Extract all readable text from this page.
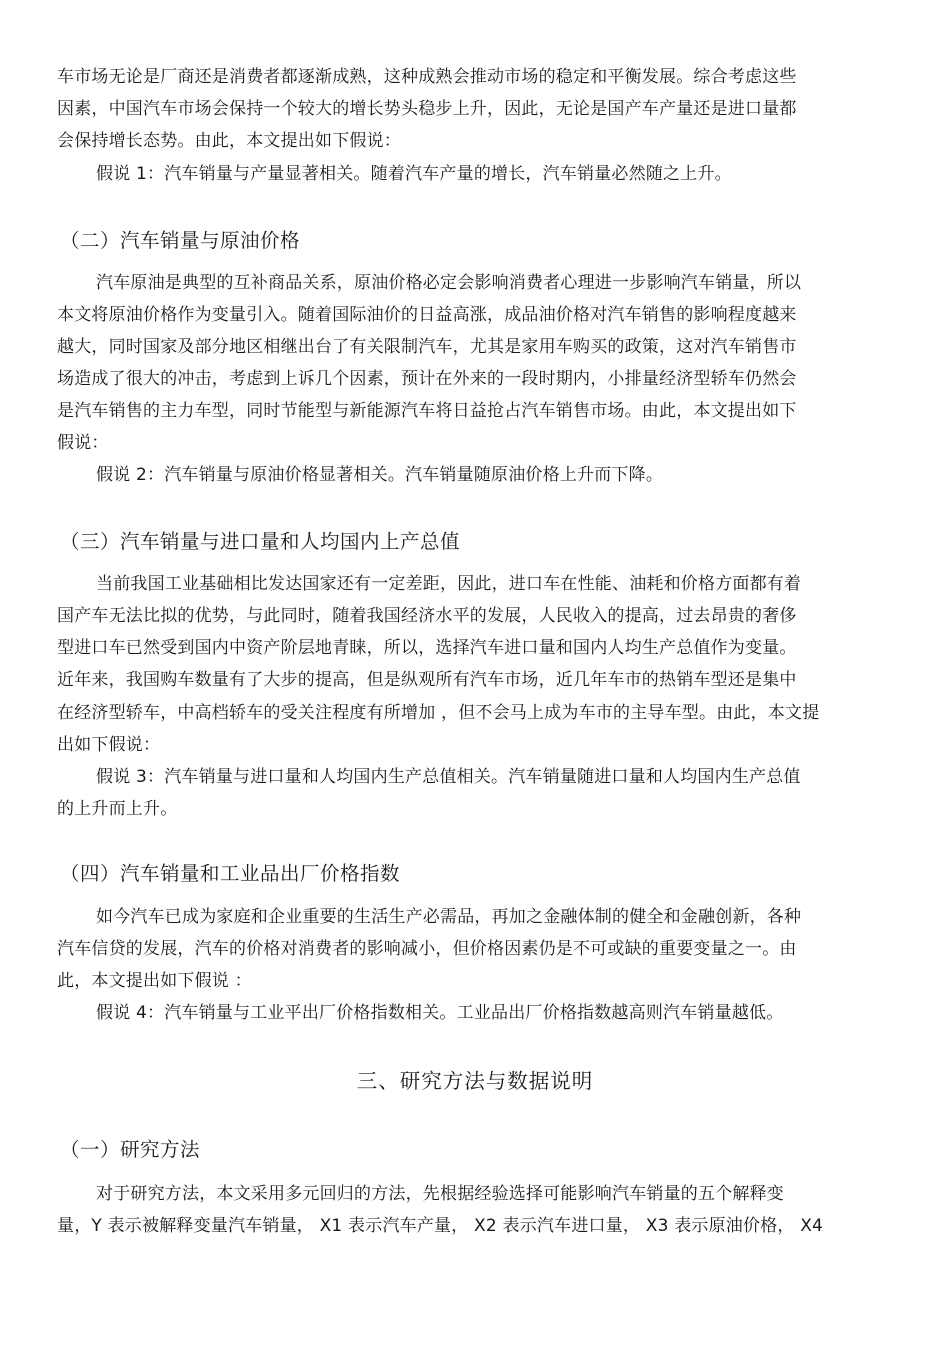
车市场无论是厂商还是消费者都逐渐成熟，这种成熟会推动市场的稳定和平衡发展。综合考虑这些
因素，中国汽车市场会保持一个较大的增长势头稳步上升，因此，无论是国产车产量还是进口量都
会保持增长态势。由此，本文提出如下假说：
假说 1：汽车销量与产量显著相关。随着汽车产量的增长，汽车销量必然随之上升。
（二）汽车销量与原油价格
汽车原油是典型的互补商品关系，原油价格必定会影响消费者心理进一步影响汽车销量，所以
本文将原油价格作为变量引入。随着国际油价的日益高涨，成品油价格对汽车销售的影响程度越来
越大，同时国家及部分地区相继出台了有关限制汽车，尤其是家用车购买的政策，这对汽车销售市
场造成了很大的冲击，考虑到上诉几个因素，预计在外来的一段时期内，小排量经济型轿车仍然会
是汽车销售的主力车型，同时节能型与新能源汽车将日益抢占汽车销售市场。由此，本文提出如下
假说：
假说 2：汽车销量与原油价格显著相关。汽车销量随原油价格上升而下降。
（三）汽车销量与进口量和人均国内上产总值
当前我国工业基础相比发达国家还有一定差距，因此，进口车在性能、油耗和价格方面都有着
国产车无法比拟的优势，与此同时，随着我国经济水平的发展，人民收入的提高，过去昂贵的奢侈
型进口车已然受到国内中资产阶层地青睐，所以，选择汽车进口量和国内人均生产总值作为变量。
近年来，我国购车数量有了大步的提高，但是纵观所有汽车市场，近几年车市的热销车型还是集中
在经济型轿车，中高档轿车的受关注程度有所增加 ，但不会马上成为车市的主导车型。由此，本文提
出如下假说：
假说 3：汽车销量与进口量和人均国内生产总值相关。汽车销量随进口量和人均国内生产总值
的上升而上升。
（四）汽车销量和工业品出厂价格指数
如今汽车已成为家庭和企业重要的生活生产必需品，再加之金融体制的健全和金融创新，各种
汽车信贷的发展，汽车的价格对消费者的影响减小，但价格因素仍是不可或缺的重要变量之一。由
此，本文提出如下假说 ：
假说 4：汽车销量与工业平出厂价格指数相关。工业品出厂价格指数越高则汽车销量越低。
三、研究方法与数据说明
（一）研究方法
对于研究方法，本文采用多元回归的方法，先根据经验选择可能影响汽车销量的五个解释变
量，Y 表示被解释变量汽车销量， X1 表示汽车产量， X2 表示汽车进口量， X3 表示原油价格， X4
